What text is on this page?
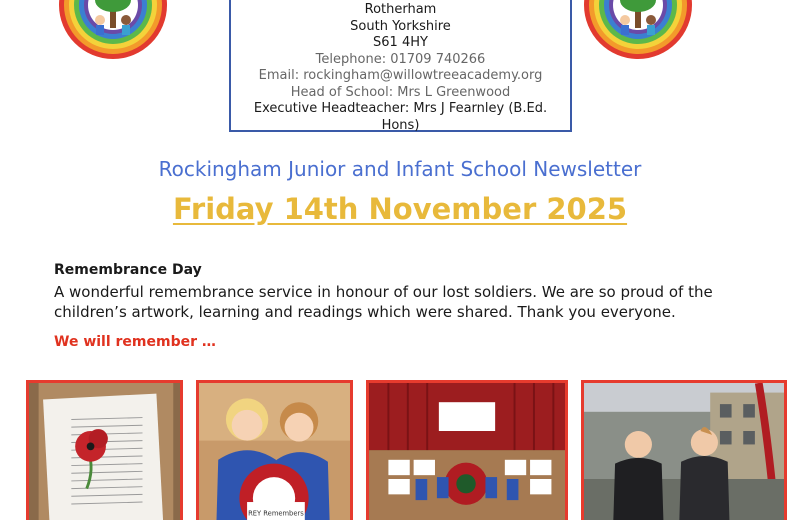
Rotherham
South Yorkshire
S61 4HY
Telephone: 01709 740266
Email: rockingham@willowtreeacademy.org
Head of School: Mrs L Greenwood
Executive Headteacher: Mrs J Fearnley (B.Ed.
Hons)
Rockingham Junior and Infant School Newsletter
Friday 14th November 2025
Remembrance Day
A wonderful remembrance service in honour of our lost soldiers. We are so proud of the children’s artwork, learning and readings which were shared. Thank you everyone.
We will remember …
REY Remembers
